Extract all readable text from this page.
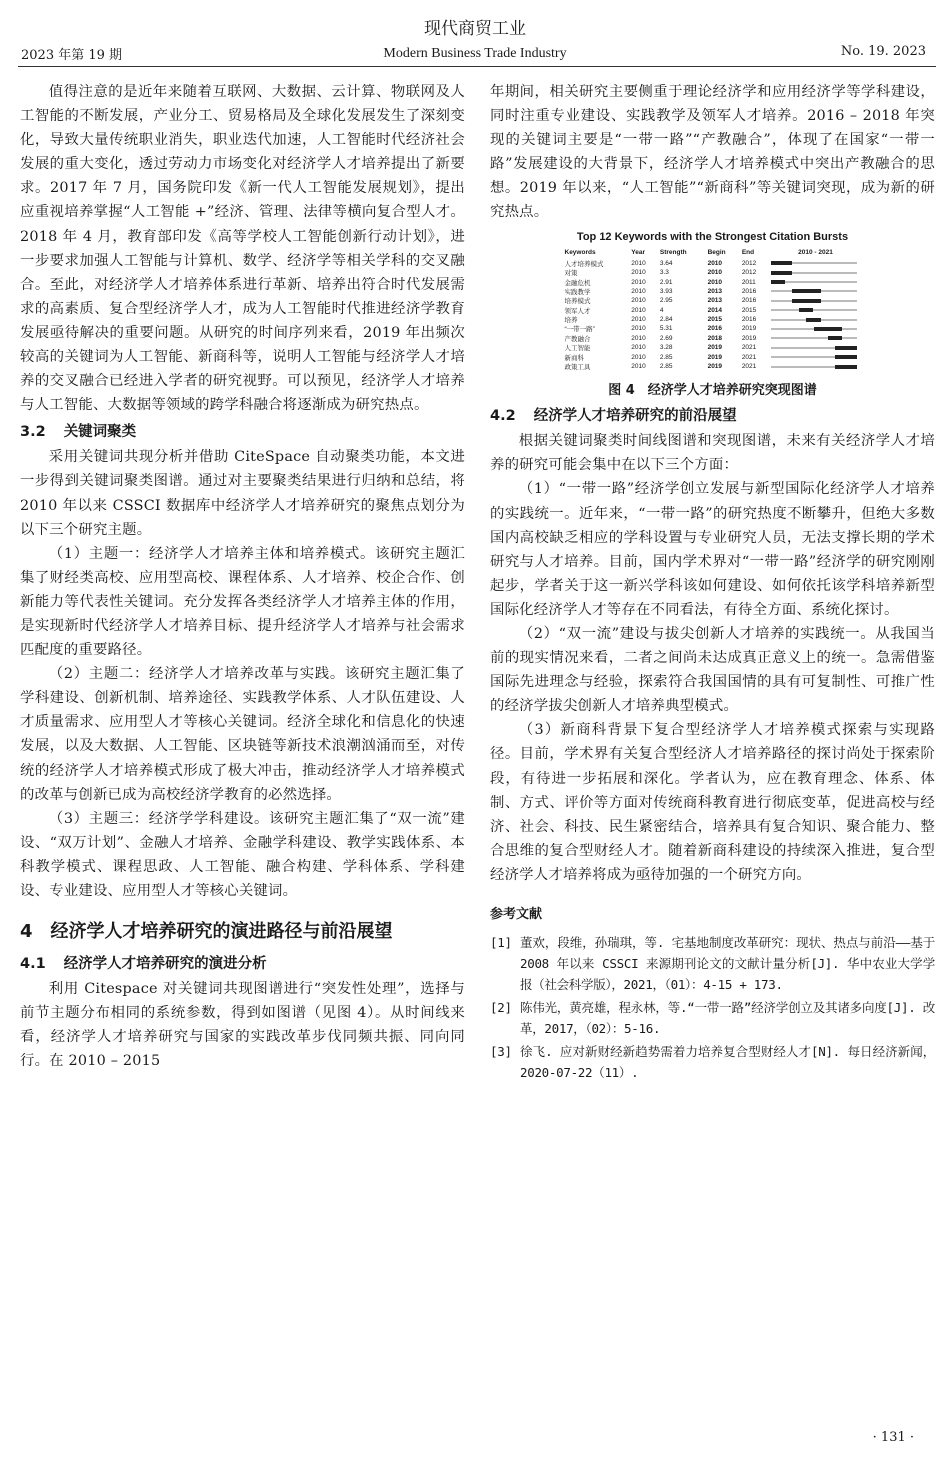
现代商贸工业
2023 年第 19 期	Modern Business Trade Industry	No. 19. 2023

值得注意的是近年来随着互联网、大数据、云计算、物联网及人工智能的不断发展，产业分工、贸易格局及全球化发展发生了深刻变化，导致大量传统职业消失，职业迭代加速，人工智能时代经济社会发展的重大变化，透过劳动力市场变化对经济学人才培养提出了新要求。2017 年 7 月，国务院印发《新一代人工智能发展规划》，提出应重视培养掌握“人工智能 +”经济、管理、法律等横向复合型人才。2018 年 4 月，教育部印发《高等学校人工智能创新行动计划》，进一步要求加强人工智能与计算机、数学、经济学等相关学科的交叉融合。至此，对经济学人才培养体系进行革新、培养出符合时代发展需求的高素质、复合型经济学人才，成为人工智能时代推进经济学教育发展亟待解决的重要问题。从研究的时间序列来看，2019 年出频次较高的关键词为人工智能、新商科等，说明人工智能与经济学人才培养的交叉融合已经进入学者的研究视野。可以预见，经济学人才培养与人工智能、大数据等领域的跨学科融合将逐渐成为研究热点。

3.2 关键词聚类

采用关键词共现分析并借助 CiteSpace 自动聚类功能，本文进一步得到关键词聚类图谱。通过对主要聚类结果进行归纳和总结，将 2010 年以来 CSSCI 数据库中经济学人才培养研究的聚焦点划分为以下三个研究主题。

（1）主题一：经济学人才培养主体和培养模式。该研究主题汇集了财经类高校、应用型高校、课程体系、人才培养、校企合作、创新能力等代表性关键词。充分发挥各类经济学人才培养主体的作用，是实现新时代经济学人才培养目标、提升经济学人才培养与社会需求匹配度的重要路径。

（2）主题二：经济学人才培养改革与实践。该研究主题汇集了学科建设、创新机制、培养途径、实践教学体系、人才队伍建设、人才质量需求、应用型人才等核心关键词。经济全球化和信息化的快速发展，以及大数据、人工智能、区块链等新技术浪潮汹涌而至，对传统的经济学人才培养模式形成了极大冲击，推动经济学人才培养模式的改革与创新已成为高校经济学教育的必然选择。

（3）主题三：经济学学科建设。该研究主题汇集了“双一流”建设、“双万计划”、金融人才培养、金融学科建设、教学实践体系、本科教学模式、课程思政、人工智能、融合构建、学科体系、学科建设、专业建设、应用型人才等核心关键词。

4　经济学人才培养研究的演进路径与前沿展望
4.1 经济学人才培养研究的演进分析

利用 Citespace 对关键词共现图谱进行“突发性处理”，选择与前节主题分布相同的系统参数，得到如图谱（见图 4）。从时间线来看，经济学人才培养研究与国家的实践改革步伐同频共振、同向同行。在 2010 – 2015

年期间，相关研究主要侧重于理论经济学和应用经济学等学科建设，同时注重专业建设、实践教学及领军人才培养。2016 – 2018 年突现的关键词主要是“一带一路”“产教融合”，体现了在国家“一带一路”发展建设的大背景下，经济学人才培养模式中突出产教融合的思想。2019 年以来，“人工智能”“新商科”等关键词突现，成为新的研究热点。

Top 12 Keywords with the Strongest Citation Bursts
Keywords	Year	Strength	Begin	End	2010 - 2021
人才培养模式	2010	3.64	2010	2012	

对策	2010	3.3	2010	2012	

金融危机	2010	2.91	2010	2011	

实践教学	2010	3.93	2013	2016	

培养模式	2010	2.95	2013	2016	

领军人才	2010	4	2014	2015	

培养	2010	2.84	2015	2016	

“一带一路”	2010	5.31	2016	2019	

产教融合	2010	2.69	2018	2019	

人工智能	2010	3.28	2019	2021	

新商科	2010	2.85	2019	2021	

政策工具	2010	2.85	2019	2021	
图 4　经济学人才培养研究突现图谱
4.2 经济学人才培养研究的前沿展望

根据关键词聚类时间线图谱和突现图谱，未来有关经济学人才培养的研究可能会集中在以下三个方面：

（1）“一带一路”经济学创立发展与新型国际化经济学人才培养的实践统一。近年来，“一带一路”的研究热度不断攀升，但绝大多数国内高校缺乏相应的学科设置与专业研究人员，无法支撑长期的学术研究与人才培养。目前，国内学术界对“一带一路”经济学的研究刚刚起步，学者关于这一新兴学科该如何建设、如何依托该学科培养新型国际化经济学人才等存在不同看法，有待全方面、系统化探讨。

（2）“双一流”建设与拔尖创新人才培养的实践统一。从我国当前的现实情况来看，二者之间尚未达成真正意义上的统一。急需借鉴国际先进理念与经验，探索符合我国国情的具有可复制性、可推广性的经济学拔尖创新人才培养典型模式。

（3）新商科背景下复合型经济学人才培养模式探索与实现路径。目前，学术界有关复合型经济人才培养路径的探讨尚处于探索阶段，有待进一步拓展和深化。学者认为，应在教育理念、体系、体制、方式、评价等方面对传统商科教育进行彻底变革，促进高校与经济、社会、科技、民生紧密结合，培养具有复合知识、聚合能力、整合思维的复合型财经人才。随着新商科建设的持续深入推进，复合型经济学人才培养将成为亟待加强的一个研究方向。

参考文献
[1] 董欢，段维，孙瑞琪，等. 宅基地制度改革研究：现状、热点与前沿——基于2008 年以来 CSSCI 来源期刊论文的文献计量分析[J]. 华中农业大学学报（社会科学版），2021，（01）：4-15 + 173.
[2] 陈伟光，黄亮雄，程永林，等.“一带一路”经济学创立及其诸多向度[J]. 改革，2017，（02）：5-16.
[3] 徐飞. 应对新财经新趋势需着力培养复合型财经人才[N]. 每日经济新闻，2020-07-22（11）.
· 131 ·
